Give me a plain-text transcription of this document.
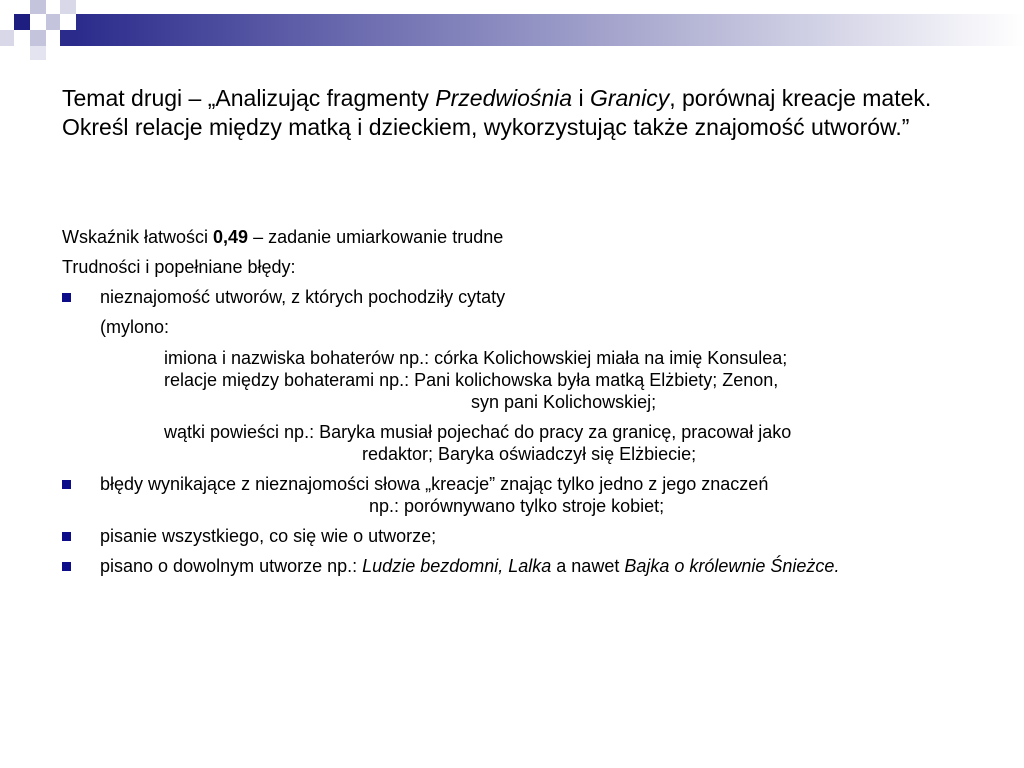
Temat drugi – „Analizując fragmenty Przedwiośnia i Granicy, porównaj kreacje matek. Określ relacje między matką i dzieckiem, wykorzystując także znajomość utworów.”
Wskaźnik łatwości 0,49 – zadanie umiarkowanie trudne
Trudności i popełniane błędy:
nieznajomość utworów, z których pochodziły cytaty
(mylono:
imiona i nazwiska bohaterów np.: córka Kolichowskiej miała na imię Konsulea;
relacje między bohaterami np.: Pani kolichowska była matką Elżbiety; Zenon,
syn pani Kolichowskiej;
wątki powieści np.: Baryka musiał pojechać do pracy za granicę, pracował jako
redaktor; Baryka oświadczył się Elżbiecie;
błędy wynikające z nieznajomości słowa „kreacje” znając tylko jedno z jego znaczeń
np.: porównywano tylko stroje kobiet;
pisanie wszystkiego, co się wie o utworze;
pisano o dowolnym utworze np.: Ludzie bezdomni, Lalka a nawet Bajka o królewnie Śnieżce.
